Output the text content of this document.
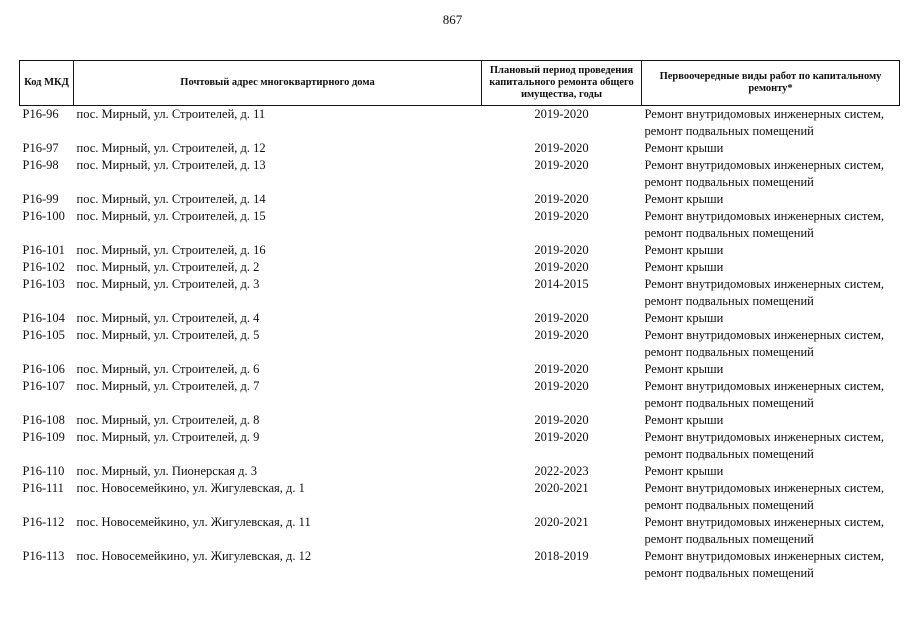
867
Код МКД	Почтовый адрес многоквартирного дома	Плановый период проведения капитального ремонта общего имущества, годы	Первоочередные виды работ по капитальному ремонту*
Р16-96	пос. Мирный, ул. Строителей, д. 11	2019-2020	Ремонт внутридомовых инженерных систем,
ремонт подвальных помещений

Р16-97	пос. Мирный, ул. Строителей, д. 12	2019-2020	Ремонт крыши

Р16-98	пос. Мирный, ул. Строителей, д. 13	2019-2020	Ремонт внутридомовых инженерных систем,
ремонт подвальных помещений

Р16-99	пос. Мирный, ул. Строителей, д. 14	2019-2020	Ремонт крыши

Р16-100	пос. Мирный, ул. Строителей, д. 15	2019-2020	Ремонт внутридомовых инженерных систем,
ремонт подвальных помещений

Р16-101	пос. Мирный, ул. Строителей, д. 16	2019-2020	Ремонт крыши

Р16-102	пос. Мирный, ул. Строителей, д. 2	2019-2020	Ремонт крыши

Р16-103	пос. Мирный, ул. Строителей, д. 3	2014-2015	Ремонт внутридомовых инженерных систем,
ремонт подвальных помещений

Р16-104	пос. Мирный, ул. Строителей, д. 4	2019-2020	Ремонт крыши

Р16-105	пос. Мирный, ул. Строителей, д. 5	2019-2020	Ремонт внутридомовых инженерных систем,
ремонт подвальных помещений

Р16-106	пос. Мирный, ул. Строителей, д. 6	2019-2020	Ремонт крыши

Р16-107	пос. Мирный, ул. Строителей, д. 7	2019-2020	Ремонт внутридомовых инженерных систем,
ремонт подвальных помещений

Р16-108	пос. Мирный, ул. Строителей, д. 8	2019-2020	Ремонт крыши

Р16-109	пос. Мирный, ул. Строителей, д. 9	2019-2020	Ремонт внутридомовых инженерных систем,
ремонт подвальных помещений

Р16-110	пос. Мирный, ул. Пионерская д. 3	2022-2023	Ремонт крыши

Р16-111	пос. Новосемейкино, ул. Жигулевская, д. 1	2020-2021	Ремонт внутридомовых инженерных систем,
ремонт подвальных помещений

Р16-112	пос. Новосемейкино, ул. Жигулевская, д. 11	2020-2021	Ремонт внутридомовых инженерных систем,
ремонт подвальных помещений

Р16-113	пос. Новосемейкино, ул. Жигулевская, д. 12	2018-2019	Ремонт внутридомовых инженерных систем,
ремонт подвальных помещений
